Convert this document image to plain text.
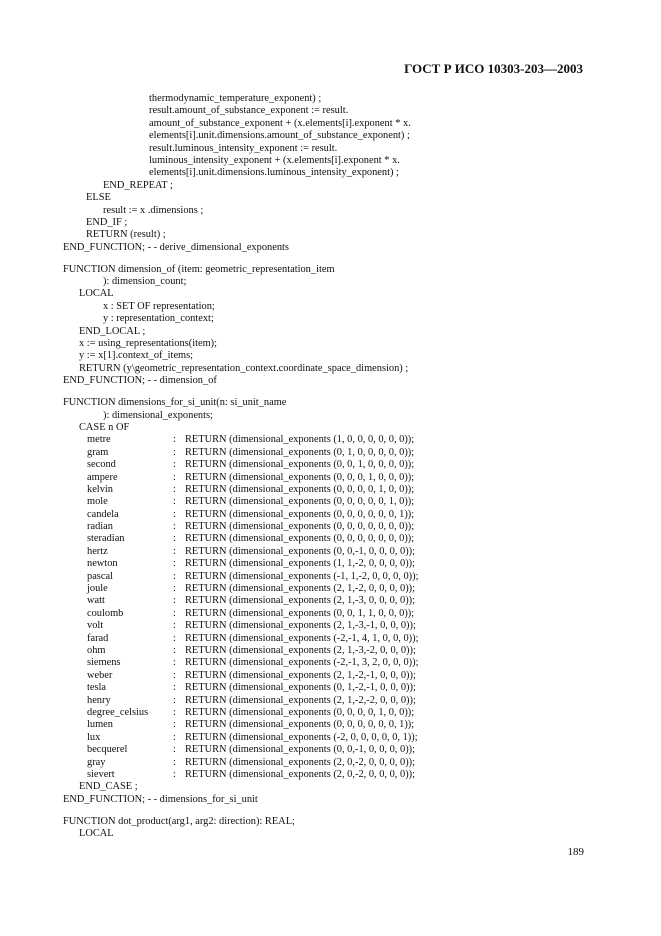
ГОСТ Р ИСО 10303-203—2003
thermodynamic_temperature_exponent) ;
result.amount_of_substance_exponent := result.
amount_of_substance_exponent + (x.elements[i].exponent * x.
elements[i].unit.dimensions.amount_of_substance_exponent) ;
result.luminous_intensity_exponent := result.
luminous_intensity_exponent + (x.elements[i].exponent * x.
elements[i].unit.dimensions.luminous_intensity_exponent) ;
END_REPEAT ;
ELSE
result := x .dimensions ;
END_IF ;
RETURN (result) ;
END_FUNCTION; - - derive_dimensional_exponents
FUNCTION dimension_of (item: geometric_representation_item
): dimension_count;
LOCAL
x : SET OF representation;
y : representation_context;
END_LOCAL ;
x := using_representations(item);
y := x[1].context_of_items;
RETURN (y\geometric_representation_context.coordinate_space_dimension) ;
END_FUNCTION; - - dimension_of
FUNCTION dimensions_for_si_unit(n: si_unit_name
): dimensional_exponents;
CASE n OF
metre	: RETURN (dimensional_exponents (1, 0, 0, 0, 0, 0, 0));
gram	: RETURN (dimensional_exponents (0, 1, 0, 0, 0, 0, 0));
second	: RETURN (dimensional_exponents (0, 0, 1, 0, 0, 0, 0));
ampere	: RETURN (dimensional_exponents (0, 0, 0, 1, 0, 0, 0));
kelvin	: RETURN (dimensional_exponents (0, 0, 0, 0, 1, 0, 0));
mole	: RETURN (dimensional_exponents (0, 0, 0, 0, 0, 1, 0));
candela	: RETURN (dimensional_exponents (0, 0, 0, 0, 0, 0, 1));
radian	: RETURN (dimensional_exponents (0, 0, 0, 0, 0, 0, 0));
steradian	: RETURN (dimensional_exponents (0, 0, 0, 0, 0, 0, 0));
hertz	: RETURN (dimensional_exponents (0, 0,-1, 0, 0, 0, 0));
newton	: RETURN (dimensional_exponents (1, 1,-2, 0, 0, 0, 0));
pascal	: RETURN (dimensional_exponents (-1, 1,-2, 0, 0, 0, 0));
joule	: RETURN (dimensional_exponents (2, 1,-2, 0, 0, 0, 0));
watt	: RETURN (dimensional_exponents (2, 1,-3, 0, 0, 0, 0));
coulomb	: RETURN (dimensional_exponents (0, 0, 1, 1, 0, 0, 0));
volt	: RETURN (dimensional_exponents (2, 1,-3,-1, 0, 0, 0));
farad	: RETURN (dimensional_exponents (-2,-1, 4, 1, 0, 0, 0));
ohm	: RETURN (dimensional_exponents (2, 1,-3,-2, 0, 0, 0));
siemens	: RETURN (dimensional_exponents (-2,-1, 3, 2, 0, 0, 0));
weber	: RETURN (dimensional_exponents (2, 1,-2,-1, 0, 0, 0));
tesla	: RETURN (dimensional_exponents (0, 1,-2,-1, 0, 0, 0));
henry	: RETURN (dimensional_exponents (2, 1,-2,-2, 0, 0, 0));
degree_celsius	: RETURN (dimensional_exponents (0, 0, 0, 0, 1, 0, 0));
lumen	: RETURN (dimensional_exponents (0, 0, 0, 0, 0, 0, 1));
lux	: RETURN (dimensional_exponents (-2, 0, 0, 0, 0, 0, 1));
becquerel	: RETURN (dimensional_exponents (0, 0,-1, 0, 0, 0, 0));
gray	: RETURN (dimensional_exponents (2, 0,-2, 0, 0, 0, 0));
sievert	: RETURN (dimensional_exponents (2, 0,-2, 0, 0, 0, 0));
END_CASE ;
END_FUNCTION; - - dimensions_for_si_unit
FUNCTION dot_product(arg1, arg2: direction): REAL;
LOCAL
189
